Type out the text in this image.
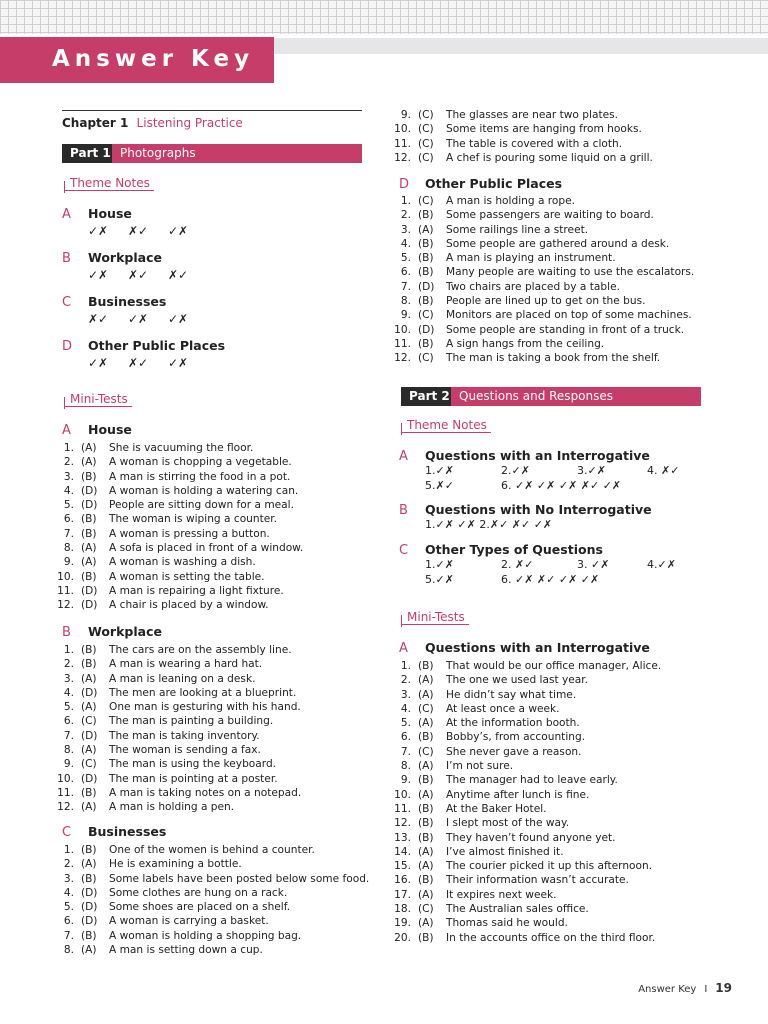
Answer Key
Chapter 1 Listening Practice
Part 1 Photographs
Theme Notes
A House
✓✗ ✗✓ ✓✗
B Workplace
✓✗ ✗✓ ✗✓
C Businesses
✗✓ ✓✗ ✓✗
D Other Public Places
✓✗ ✗✓ ✓✗
Mini-Tests
A House
1. (A) She is vacuuming the floor.
2. (A) A woman is chopping a vegetable.
3. (B) A man is stirring the food in a pot.
4. (D) A woman is holding a watering can.
5. (D) People are sitting down for a meal.
6. (B) The woman is wiping a counter.
7. (B) A woman is pressing a button.
8. (A) A sofa is placed in front of a window.
9. (A) A woman is washing a dish.
10. (B) A woman is setting the table.
11. (D) A man is repairing a light fixture.
12. (D) A chair is placed by a window.
B Workplace
1. (B) The cars are on the assembly line.
2. (B) A man is wearing a hard hat.
3. (A) A man is leaning on a desk.
4. (D) The men are looking at a blueprint.
5. (A) One man is gesturing with his hand.
6. (C) The man is painting a building.
7. (D) The man is taking inventory.
8. (A) The woman is sending a fax.
9. (C) The man is using the keyboard.
10. (D) The man is pointing at a poster.
11. (B) A man is taking notes on a notepad.
12. (A) A man is holding a pen.
C Businesses
1. (B) One of the women is behind a counter.
2. (A) He is examining a bottle.
3. (B) Some labels have been posted below some food.
4. (D) Some clothes are hung on a rack.
5. (D) Some shoes are placed on a shelf.
6. (D) A woman is carrying a basket.
7. (B) A woman is holding a shopping bag.
8. (A) A man is setting down a cup.
D Other Public Places
1. (C) A man is holding a rope.
2. (B) Some passengers are waiting to board.
3. (A) Some railings line a street.
4. (B) Some people are gathered around a desk.
5. (B) A man is playing an instrument.
6. (B) Many people are waiting to use the escalators.
7. (D) Two chairs are placed by a table.
8. (B) People are lined up to get on the bus.
9. (C) Monitors are placed on top of some machines.
10. (D) Some people are standing in front of a truck.
11. (B) A sign hangs from the ceiling.
12. (C) The man is taking a book from the shelf.
Part 2 Questions and Responses
Theme Notes
A Questions with an Interrogative
1.✓✗	2.✓✗	3.✓✗	4. ✗✓
5.✗✓	6. ✓✗ ✓✗ ✓✗ ✗✓ ✓✗
B Questions with No Interrogative
1.✓✗ ✓✗ 2.✗✓ ✗✓ ✓✗
C Other Types of Questions
1.✓✗	2. ✗✓	3. ✓✗	4.✓✗
5.✓✗	6. ✓✗ ✗✓ ✓✗ ✓✗
Mini-Tests
A Questions with an Interrogative
1. (B) That would be our office manager, Alice.
2. (A) The one we used last year.
3. (A) He didn’t say what time.
4. (C) At least once a week.
5. (A) At the information booth.
6. (B) Bobby’s, from accounting.
7. (C) She never gave a reason.
8. (A) I’m not sure.
9. (B) The manager had to leave early.
10. (A) Anytime after lunch is fine.
11. (B) At the Baker Hotel.
12. (B) I slept most of the way.
13. (B) They haven’t found anyone yet.
14. (A) I’ve almost finished it.
15. (A) The courier picked it up this afternoon.
16. (B) Their information wasn’t accurate.
17. (A) It expires next week.
18. (C) The Australian sales office.
19. (A) Thomas said he would.
20. (B) In the accounts office on the third floor.
9. (C) The glasses are near two plates.
10. (C) Some items are hanging from hooks.
11. (C) The table is covered with a cloth.
12. (C) A chef is pouring some liquid on a grill.
Answer Key I 19
